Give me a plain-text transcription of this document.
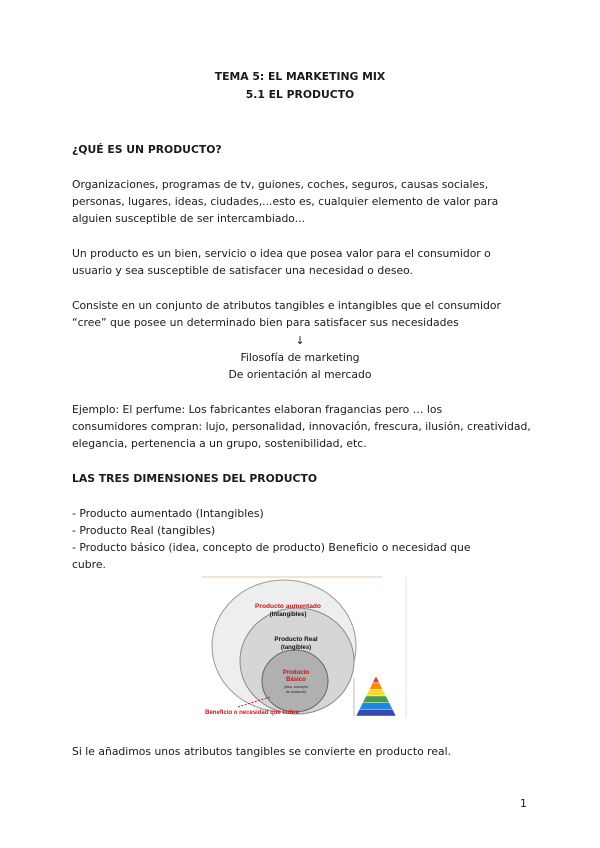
TEMA 5: EL MARKETING MIX
5.1 EL PRODUCTO
¿QUÉ ES UN PRODUCTO?
Organizaciones, programas de tv, guiones, coches, seguros, causas sociales,
personas, lugares, ideas, ciudades,...esto es, cualquier elemento de valor para
alguien susceptible de ser intercambiado...
Un producto es un bien, servicio o idea que posea valor para el consumidor o
usuario y sea susceptible de satisfacer una necesidad o deseo.
Consiste en un conjunto de atributos tangibles e intangibles que el consumidor
“cree” que posee un determinado bien para satisfacer sus necesidades
↓
Filosofía de marketing
De orientación al mercado
Ejemplo: El perfume: Los fabricantes elaboran fragancias pero … los
consumidores compran: lujo, personalidad, innovación, frescura, ilusión, creatividad,
elegancia, pertenencia a un grupo, sostenibilidad, etc.
LAS TRES DIMENSIONES DEL PRODUCTO
- Producto aumentado (Intangibles)
- Producto Real (tangibles)
- Producto básico (idea, concepto de producto) Beneficio o necesidad que
cubre.
Producto aumentado
(Intangibles)
Producto Real
(tangibles)
Producto
Básico
(idea, concepto
de producto)
Beneficio o necesidad que cubre
Si le añadimos unos atributos tangibles se convierte en producto real.
1
